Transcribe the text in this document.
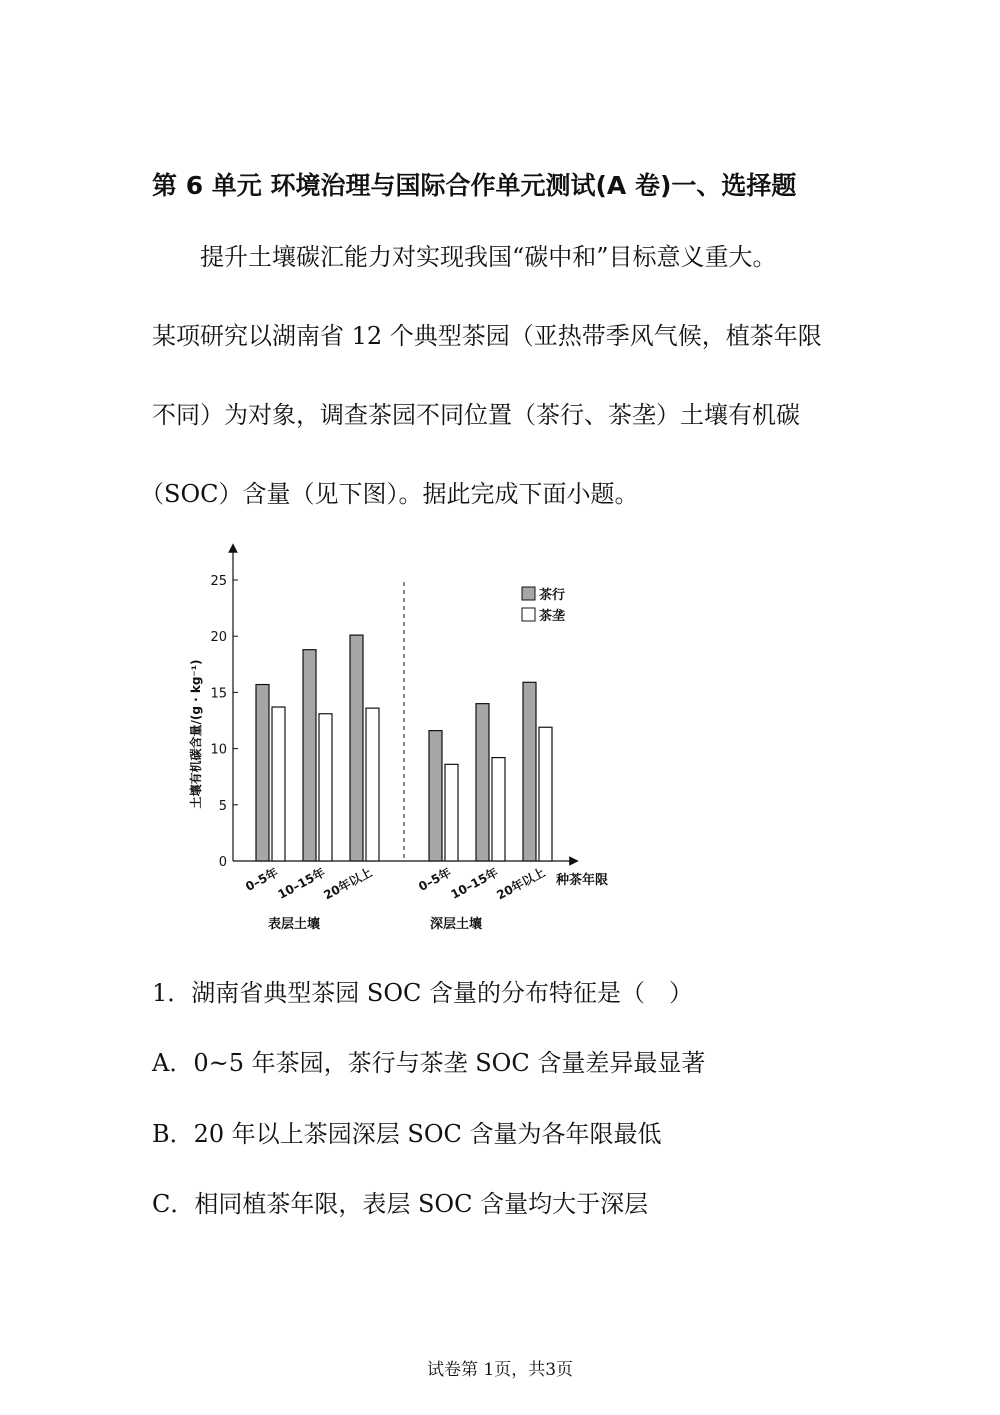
第 6 单元 环境治理与国际合作单元测试(A 卷)一、选择题

提升土壤碳汇能力对实现我国“碳中和”目标意义重大。

某项研究以湖南省 12 个典型茶园（亚热带季风气候，植茶年限

不同）为对象，调查茶园不同位置（茶行、茶垄）土壤有机碳

（SOC）含量（见下图）。据此完成下面小题。

0
5
10
15
20
25
0–5年
10–15年
20年以上	0–5年
10–15年
20年以上
土壤有机碳含量/(g · kg⁻¹)
种茶年限
表层土壤	深层土壤
茶行
茶垄

1．湖南省典型茶园 SOC 含量的分布特征是（　）

A．0~5 年茶园，茶行与茶垄 SOC 含量差异最显著

B．20 年以上茶园深层 SOC 含量为各年限最低

C．相同植茶年限，表层 SOC 含量均大于深层

试卷第 1页，共3页
